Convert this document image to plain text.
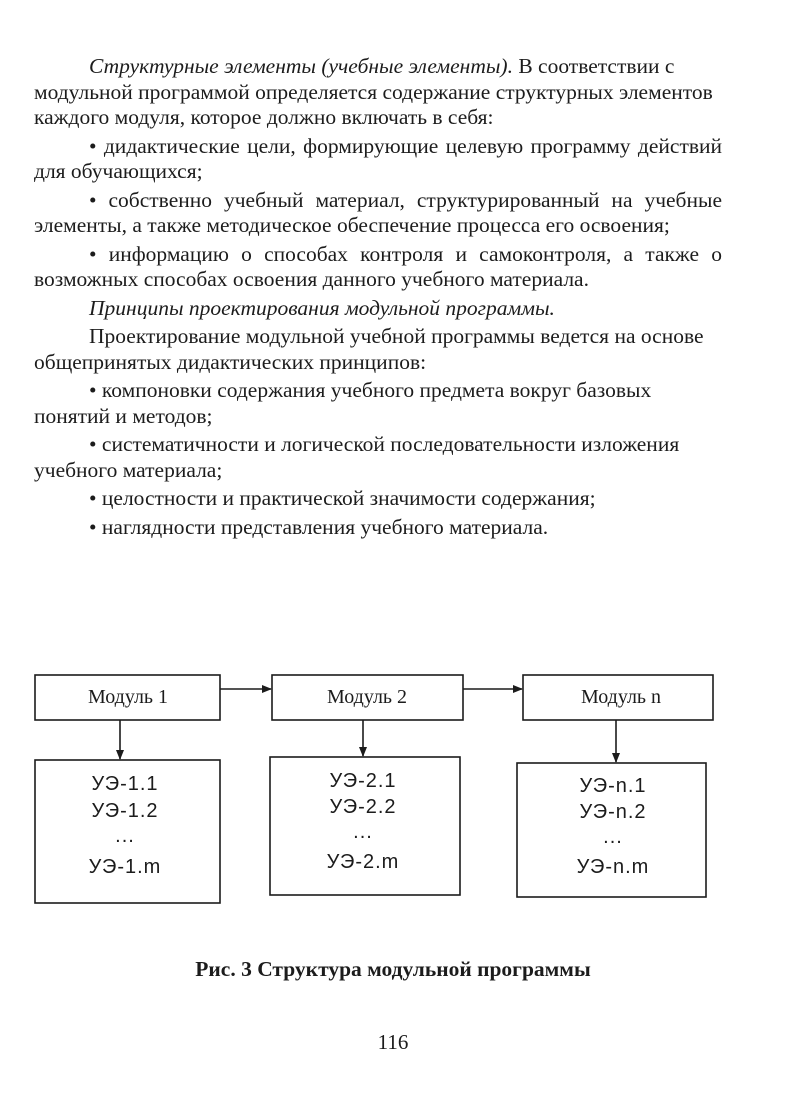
Структурные элементы (учебные элементы). В соответствии с модульной программой определяется содержание структурных элементов каждого модуля, которое должно включать в себя:

• дидактические цели, формирующие целевую программу действий для обучающихся;

• собственно учебный материал, структурированный на учебные элементы, а также методическое обеспечение процесса его освоения;

• информацию о способах контроля и самоконтроля, а также о возможных способах освоения данного учебного материала.

Принципы проектирования модульной программы.

Проектирование модульной учебной программы ведется на основе общепринятых дидактических принципов:

• компоновки содержания учебного предмета вокруг базовых понятий и методов;

• систематичности и логической последовательности изложения учебного материала;

• целостности и практической значимости содержания;

• наглядности представления учебного материала.

Модуль 1	Модуль 2	Модуль n
УЭ-1.1
УЭ-1.2
...
УЭ-1.m
УЭ-2.1
УЭ-2.2
...
УЭ-2.m
УЭ-n.1
УЭ-n.2
...
УЭ-n.m
Рис. 3 Структура модульной программы
116
